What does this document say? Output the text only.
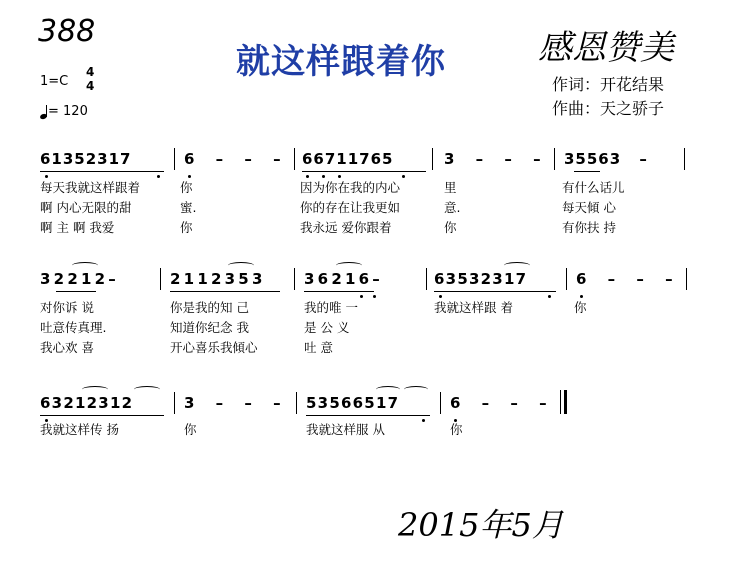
388
就这样跟着你	感恩赞美
1=C
4
4
= 120
作词：开花结果
作曲：天之骄子
61352317	6 – – – 66711765	3 – – – 35563 –
每天我就这样跟着	你	因为你在我的内心	里	有什么话儿
啊 内心无限的甜	蜜.	你的存在让我更如	意.	每天傾 心
啊 主 啊 我爱	你	我永远 爱你跟着	你	有你扶 持
3 2 2 1 2 –	2 1 1 2 3 5 3	3 6 2 1 6 –	6 3 5 3 2 3 1 7	6 – – –
对你诉 说	你是我的知 己	我的唯 一	我就这样跟 着	你
吐意传真理.	知道你纪念 我	是 公 义
我心欢 喜	开心喜乐我傾心	吐 意
6 3 2 1 2 3 1 2	3 – – – 5 3 5 6 6 5 1 7	6 – – –
我就这样传 扬	你	我就这样服 从	你
2015年5月
